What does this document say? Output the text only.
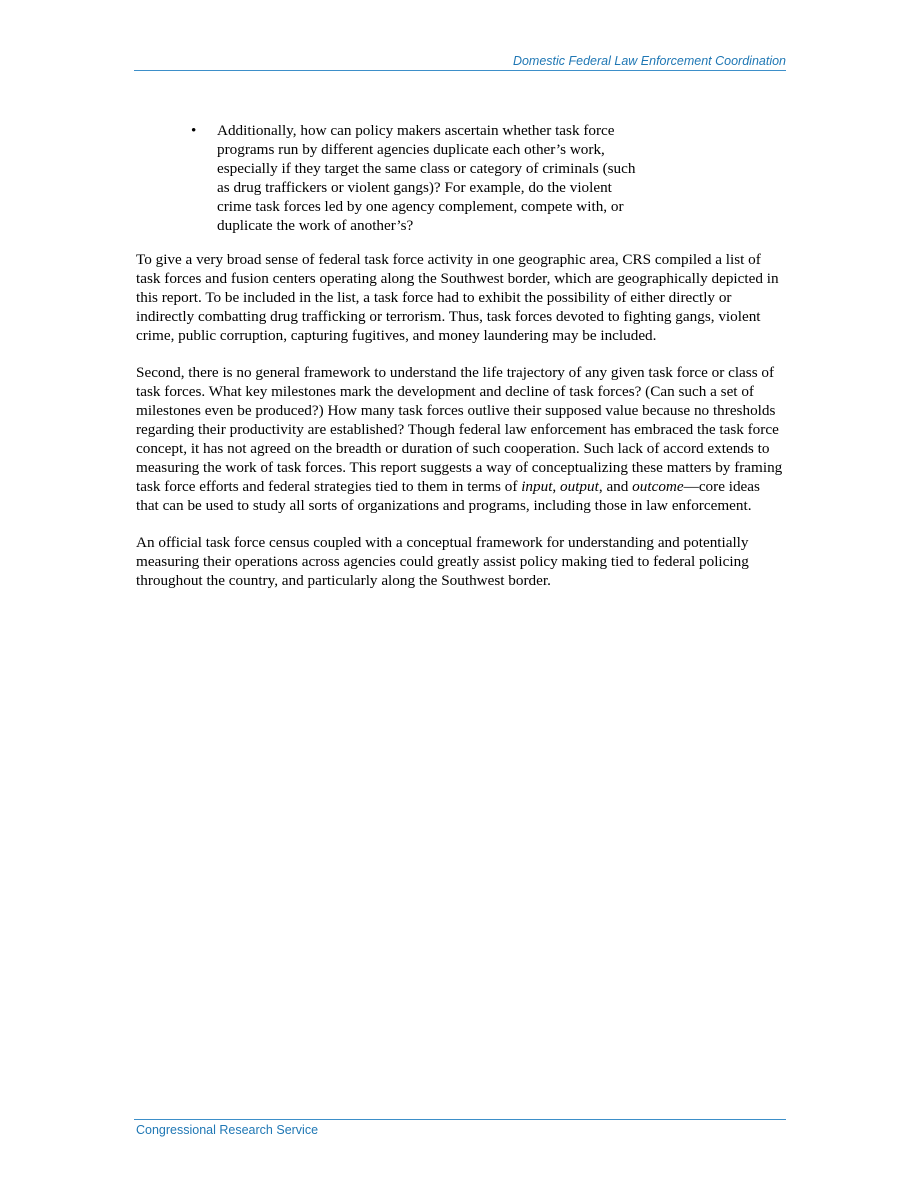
Domestic Federal Law Enforcement Coordination
• Additionally, how can policy makers ascertain whether task force programs run by different agencies duplicate each other’s work, especially if they target the same class or category of criminals (such as drug traffickers or violent gangs)? For example, do the violent crime task forces led by one agency complement, compete with, or duplicate the work of another’s?

To give a very broad sense of federal task force activity in one geographic area, CRS compiled a list of task forces and fusion centers operating along the Southwest border, which are geographically depicted in this report. To be included in the list, a task force had to exhibit the possibility of either directly or indirectly combatting drug trafficking or terrorism. Thus, task forces devoted to fighting gangs, violent crime, public corruption, capturing fugitives, and money laundering may be included.

Second, there is no general framework to understand the life trajectory of any given task force or class of task forces. What key milestones mark the development and decline of task forces? (Can such a set of milestones even be produced?) How many task forces outlive their supposed value because no thresholds regarding their productivity are established? Though federal law enforcement has embraced the task force concept, it has not agreed on the breadth or duration of such cooperation. Such lack of accord extends to measuring the work of task forces. This report suggests a way of conceptualizing these matters by framing task force efforts and federal strategies tied to them in terms of input, output, and outcome—core ideas that can be used to study all sorts of organizations and programs, including those in law enforcement.

An official task force census coupled with a conceptual framework for understanding and potentially measuring their operations across agencies could greatly assist policy making tied to federal policing throughout the country, and particularly along the Southwest border.

Congressional Research Service
